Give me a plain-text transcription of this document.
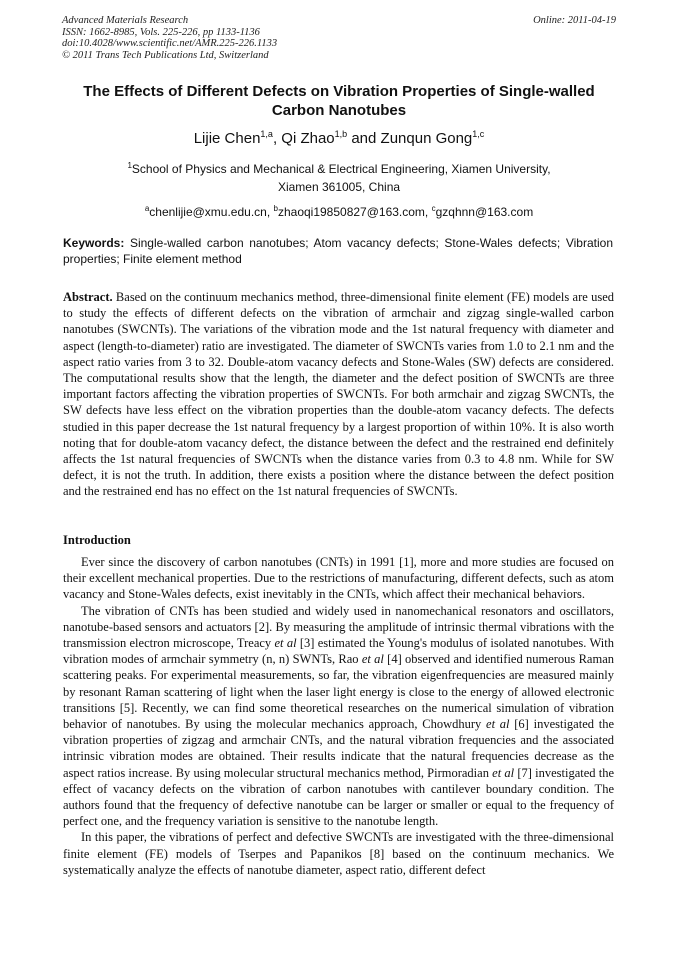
Advanced Materials Research
ISSN: 1662-8985, Vols. 225-226, pp 1133-1136
doi:10.4028/www.scientific.net/AMR.225-226.1133
© 2011 Trans Tech Publications Ltd, Switzerland
Online: 2011-04-19
The Effects of Different Defects on Vibration Properties of Single-walled
Carbon Nanotubes
Lijie Chen$^{1,a}$, Qi Zhao$^{1,b}$ and Zunqun Gong$^{1,c}$
$^1$School of Physics and Mechanical & Electrical Engineering, Xiamen University,
Xiamen 361005, China
$^a$chenlijie@xmu.edu.cn, $^b$zhaoqi19850827@163.com, $^c$gzqhnn@163.com
Keywords: Single-walled carbon nanotubes; Atom vacancy defects; Stone-Wales defects; Vibration properties; Finite element method
Abstract. Based on the continuum mechanics method, three-dimensional finite element (FE) models are used to study the effects of different defects on the vibration of armchair and zigzag single-walled carbon nanotubes (SWCNTs). The variations of the vibration mode and the 1st natural frequency with diameter and aspect (length-to-diameter) ratio are investigated. The diameter of SWCNTs varies from 1.0 to 2.1 nm and the aspect ratio varies from 3 to 32. Double-atom vacancy defects and Stone-Wales (SW) defects are considered. The computational results show that the length, the diameter and the defect position of SWCNTs are three important factors affecting the vibration properties of SWCNTs. For both armchair and zigzag SWCNTs, the SW defects have less effect on the vibration properties than the double-atom vacancy defects. The defects studied in this paper decrease the 1st natural frequency by a largest proportion of within 10%. It is also worth noting that for double-atom vacancy defect, the distance between the defect and the restrained end definitely affects the 1st natural frequencies of SWCNTs when the distance varies from 0.3 to 4.8 nm. While for SW defect, it is not the truth. In addition, there exists a position where the distance between the defect position and the restrained end has no effect on the 1st natural frequencies of SWCNTs.
Introduction

Ever since the discovery of carbon nanotubes (CNTs) in 1991 [1], more and more studies are focused on their excellent mechanical properties. Due to the restrictions of manufacturing, different defects, such as atom vacancy and Stone-Wales defects, exist inevitably in the CNTs, which affect their mechanical behaviors.

The vibration of CNTs has been studied and widely used in nanomechanical resonators and oscillators, nanotube-based sensors and actuators [2]. By measuring the amplitude of intrinsic thermal vibrations with the transmission electron microscope, Treacy et al [3] estimated the Young's modulus of isolated nanotubes. With vibration modes of armchair symmetry (n, n) SWNTs, Rao et al [4] observed and identified numerous Raman scattering peaks. For experimental measurements, so far, the vibration eigenfrequencies are measured mainly by resonant Raman scattering of light when the laser light energy is close to the energy of allowed electronic transitions [5]. Recently, we can find some theoretical researches on the numerical simulation of vibration behavior of nanotubes. By using the molecular mechanics approach, Chowdhury et al [6] investigated the vibration properties of zigzag and armchair CNTs, and the natural vibration frequencies and the associated intrinsic vibration modes are obtained. Their results indicate that the natural frequencies decrease as the aspect ratios increase. By using molecular structural mechanics method, Pirmoradian et al [7] investigated the effect of vacancy defects on the vibration of carbon nanotubes with cantilever boundary condition. The authors found that the frequency of defective nanotube can be larger or smaller or equal to the frequency of perfect one, and the frequency variation is sensitive to the nanotube length.

In this paper, the vibrations of perfect and defective SWCNTs are investigated with the three-dimensional finite element (FE) models of Tserpes and Papanikos [8] based on the continuum mechanics. We systematically analyze the effects of nanotube diameter, aspect ratio, different defect
